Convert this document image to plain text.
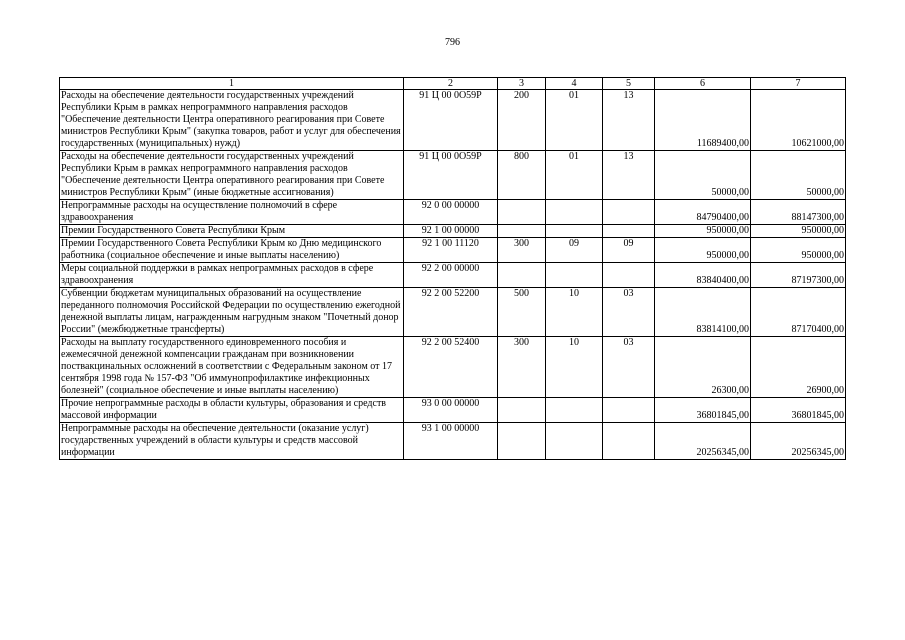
796
1	2	3	4	5	6	7
Расходы на обеспечение деятельности государственных учреждений Республики Крым в рамках непрограммного направления расходов "Обеспечение деятельности Центра оперативного реагирования при Совете министров Республики Крым" (закупка товаров, работ и услуг для обеспечения государственных (муниципальных) нужд)	91 Ц 00 0О59Р	200	01	13	11689400,00	10621000,00
Расходы на обеспечение деятельности государственных учреждений Республики Крым в рамках непрограммного направления расходов "Обеспечение деятельности Центра оперативного реагирования при Совете министров Республики Крым" (иные бюджетные ассигнования)	91 Ц 00 0О59Р	800	01	13	50000,00	50000,00
Непрограммные расходы на осуществление полномочий в сфере здравоохранения	92 0 00 00000				84790400,00	88147300,00
Премии Государственного Совета Республики Крым	92 1 00 00000				950000,00	950000,00
Премии Государственного Совета Республики Крым ко Дню медицинского работника (социальное обеспечение и иные выплаты населению)	92 1 00 11120	300	09	09	950000,00	950000,00
Меры социальной поддержки в рамках непрограммных расходов в сфере здравоохранения	92 2 00 00000				83840400,00	87197300,00
Субвенции бюджетам муниципальных образований на осуществление переданного полномочия Российской Федерации по осуществлению ежегодной денежной выплаты лицам, награжденным нагрудным знаком "Почетный донор России" (межбюджетные трансферты)	92 2 00 52200	500	10	03	83814100,00	87170400,00
Расходы на выплату государственного единовременного пособия и ежемесячной денежной компенсации гражданам при возникновении поствакцинальных осложнений в соответствии с Федеральным законом от 17 сентября 1998 года № 157-ФЗ "Об иммунопрофилактике инфекционных болезней" (социальное обеспечение и иные выплаты населению)	92 2 00 52400	300	10	03	26300,00	26900,00
Прочие непрограммные расходы в области культуры, образования и средств массовой информации	93 0 00 00000				36801845,00	36801845,00
Непрограммные расходы на обеспечение деятельности (оказание услуг) государственных учреждений в области культуры и средств массовой информации	93 1 00 00000				20256345,00	20256345,00
